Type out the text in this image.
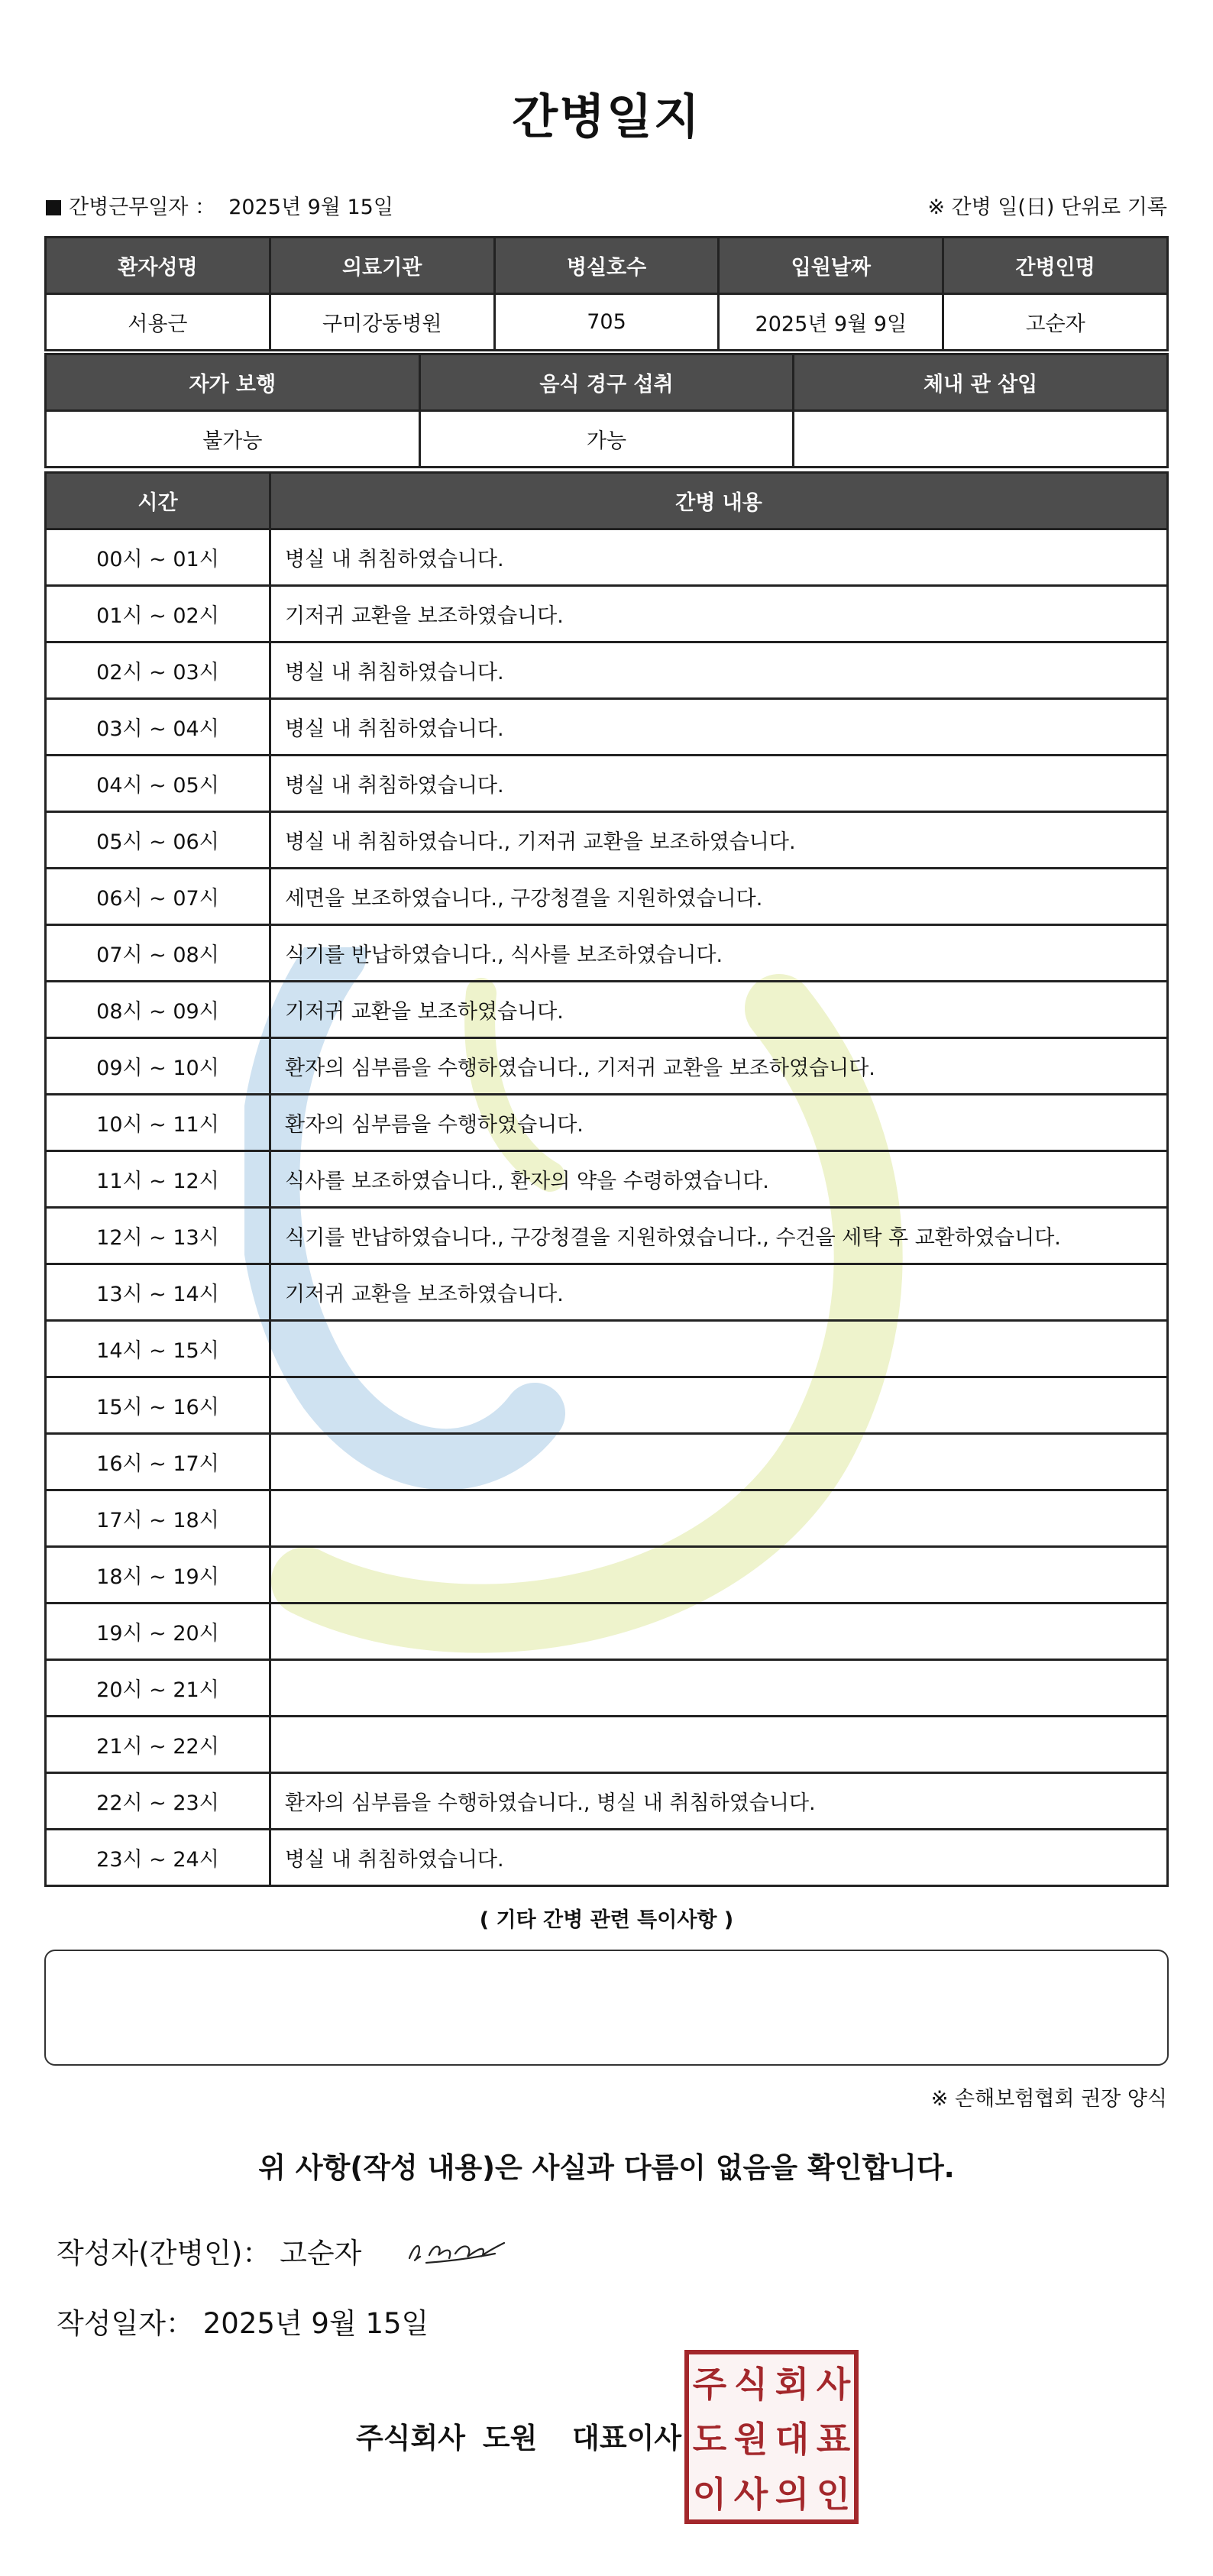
간병일지
간병근무일자 ： 2025년 9월 15일	※ 간병 일(日) 단위로 기록
환자성명	의료기관	병실호수	입원날짜	간병인명
서용근	구미강동병원	705	2025년 9월 9일	고순자
자가 보행	음식 경구 섭취	체내 관 삽입
불가능	가능	
시간	간병 내용
00시 ~ 01시	병실 내 취침하였습니다.
01시 ~ 02시	기저귀 교환을 보조하였습니다.
02시 ~ 03시	병실 내 취침하였습니다.
03시 ~ 04시	병실 내 취침하였습니다.
04시 ~ 05시	병실 내 취침하였습니다.
05시 ~ 06시	병실 내 취침하였습니다., 기저귀 교환을 보조하였습니다.
06시 ~ 07시	세면을 보조하였습니다., 구강청결을 지원하였습니다.
07시 ~ 08시	식기를 반납하였습니다., 식사를 보조하였습니다.
08시 ~ 09시	기저귀 교환을 보조하였습니다.
09시 ~ 10시	환자의 심부름을 수행하였습니다., 기저귀 교환을 보조하였습니다.
10시 ~ 11시	환자의 심부름을 수행하였습니다.
11시 ~ 12시	식사를 보조하였습니다., 환자의 약을 수령하였습니다.
12시 ~ 13시	식기를 반납하였습니다., 구강청결을 지원하였습니다., 수건을 세탁 후 교환하였습니다.
13시 ~ 14시	기저귀 교환을 보조하였습니다.
14시 ~ 15시	
15시 ~ 16시	
16시 ~ 17시	
17시 ~ 18시	
18시 ~ 19시	
19시 ~ 20시	
20시 ~ 21시	
21시 ~ 22시	
22시 ~ 23시	환자의 심부름을 수행하였습니다., 병실 내 취침하였습니다.
23시 ~ 24시	병실 내 취침하였습니다.
( 기타 간병 관련 특이사항 )
※ 손해보험협회 권장 양식
위 사항(작성 내용)은 사실과 다름이 없음을 확인합니다.
작성자(간병인)： 고순자
작성일자： 2025년 9월 15일
주식회사 도원 대표이사
주 식 회 사
도 원 대 표
이 사 의 인
